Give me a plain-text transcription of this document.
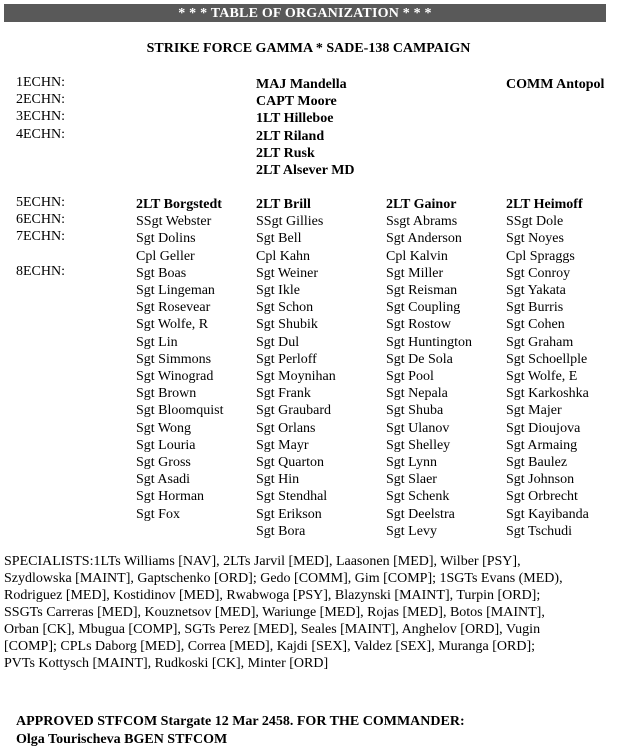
* * * TABLE OF ORGANIZATION * * *
STRIKE FORCE GAMMA * SADE-138 CAMPAIGN
1ECHN:
2ECHN:
3ECHN:
4ECHN:
MAJ Mandella
CAPT Moore
1LT Hilleboe
2LT Riland
2LT Rusk
2LT Alsever MD
COMM Antopol
5ECHN:
6ECHN:
7ECHN:
8ECHN:
2LT Borgstedt
SSgt Webster
Sgt Dolins
Cpl Geller
Sgt Boas
Sgt Lingeman
Sgt Rosevear
Sgt Wolfe, R
Sgt Lin
Sgt Simmons
Sgt Winograd
Sgt Brown
Sgt Bloomquist
Sgt Wong
Sgt Louria
Sgt Gross
Sgt Asadi
Sgt Horman
Sgt Fox
2LT Brill
SSgt Gillies
Sgt Bell
Cpl Kahn
Sgt Weiner
Sgt Ikle
Sgt Schon
Sgt Shubik
Sgt Dul
Sgt Perloff
Sgt Moynihan
Sgt Frank
Sgt Graubard
Sgt Orlans
Sgt Mayr
Sgt Quarton
Sgt Hin
Sgt Stendhal
Sgt Erikson
Sgt Bora
2LT Gainor
Ssgt Abrams
Sgt Anderson
Cpl Kalvin
Sgt Miller
Sgt Reisman
Sgt Coupling
Sgt Rostow
Sgt Huntington
Sgt De Sola
Sgt Pool
Sgt Nepala
Sgt Shuba
Sgt Ulanov
Sgt Shelley
Sgt Lynn
Sgt Slaer
Sgt Schenk
Sgt Deelstra
Sgt Levy
2LT Heimoff
SSgt Dole
Sgt Noyes
Cpl Spraggs
Sgt Conroy
Sgt Yakata
Sgt Burris
Sgt Cohen
Sgt Graham
Sgt Schoellple
Sgt Wolfe, E
Sgt Karkoshka
Sgt Majer
Sgt Dioujova
Sgt Armaing
Sgt Baulez
Sgt Johnson
Sgt Orbrecht
Sgt Kayibanda
Sgt Tschudi
SPECIALISTS:1LTs Williams [NAV], 2LTs Jarvil [MED], Laasonen [MED], Wilber [PSY],
Szydlowska [MAINT], Gaptschenko [ORD]; Gedo [COMM], Gim [COMP]; 1SGTs Evans (MED),
Rodriguez [MED], Kostidinov [MED], Rwabwoga [PSY], Blazynski [MAINT], Turpin [ORD];
SSGTs Carreras [MED], Kouznetsov [MED], Wariunge [MED], Rojas [MED], Botos [MAINT],
Orban [CK], Mbugua [COMP], SGTs Perez [MED], Seales [MAINT], Anghelov [ORD], Vugin
[COMP]; CPLs Daborg [MED], Correa [MED], Kajdi [SEX], Valdez [SEX], Muranga [ORD];
PVTs Kottysch [MAINT], Rudkoski [CK], Minter [ORD]
APPROVED STFCOM Stargate 12 Mar 2458. FOR THE COMMANDER:
Olga Tourischeva BGEN STFCOM
